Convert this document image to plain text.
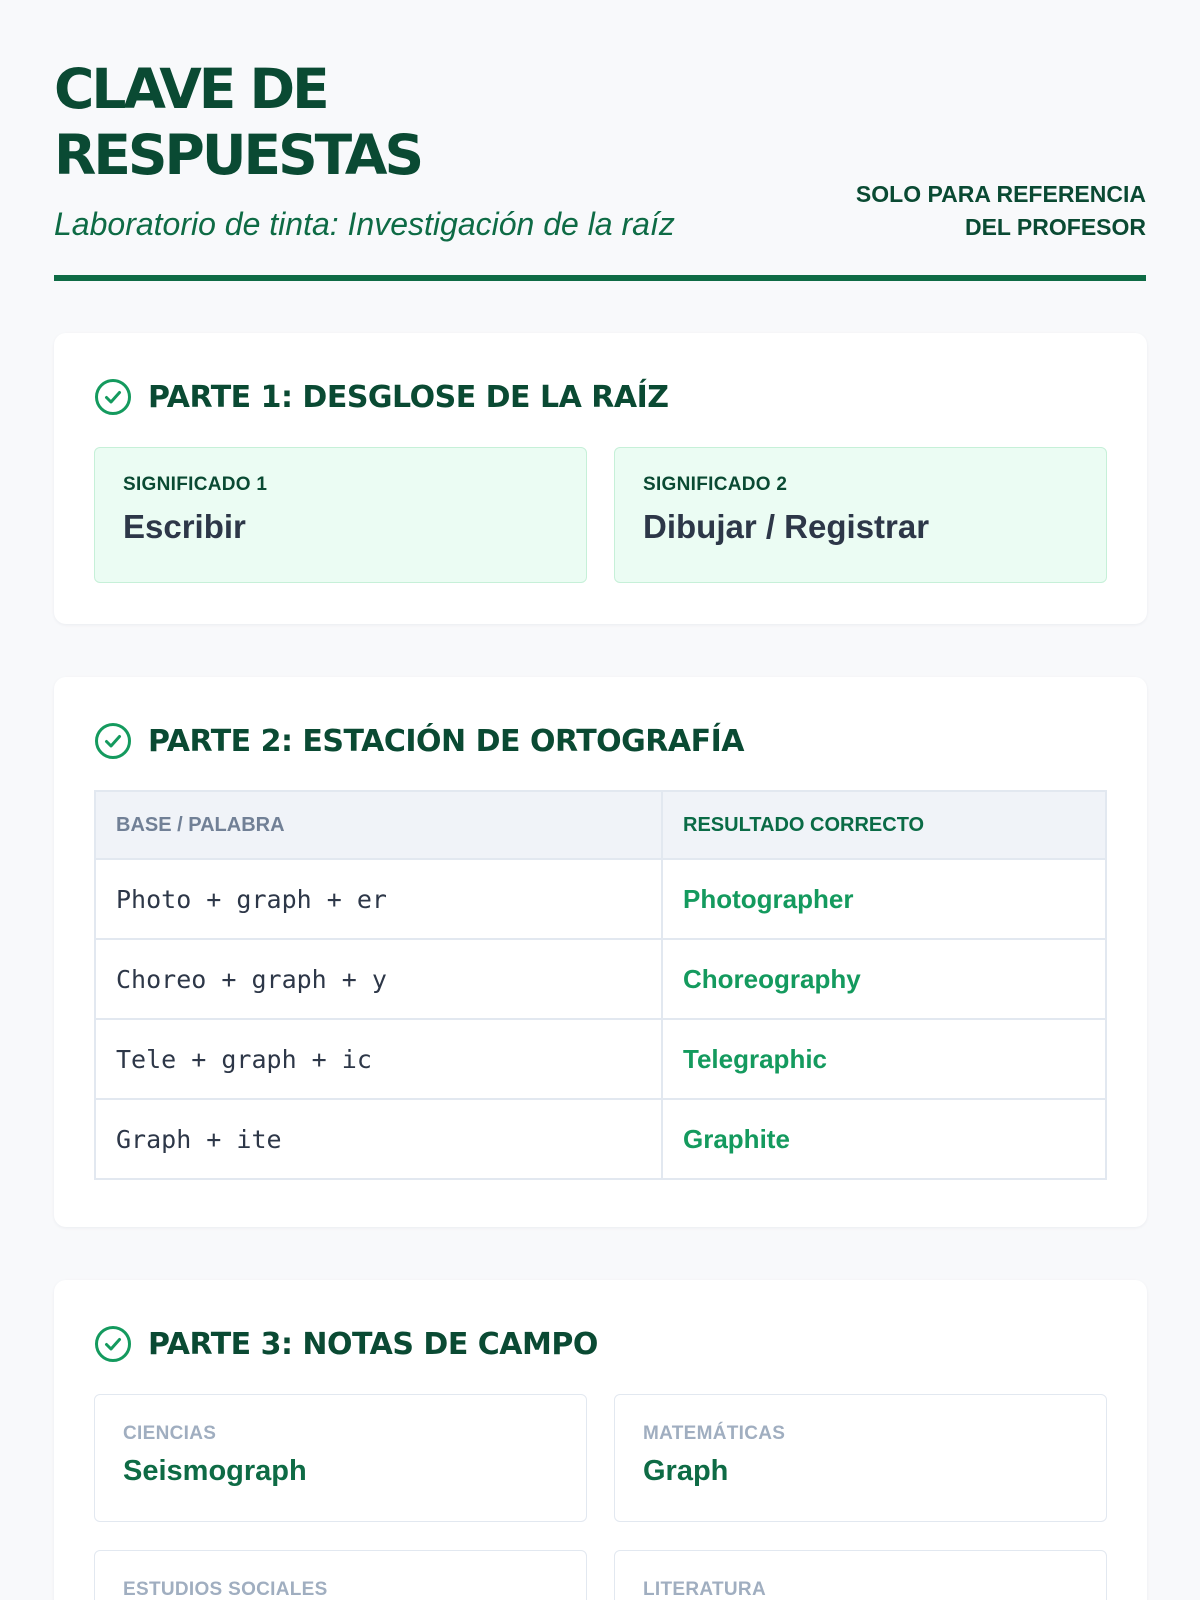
CLAVE DE RESPUESTAS

Laboratorio de tinta: Investigación de la raíz

SOLO PARA REFERENCIA DEL PROFESOR
PARTE 1: DESGLOSE DE LA RAÍZ
SIGNIFICADO 1
Escribir
SIGNIFICADO 2
Dibujar / Registrar
PARTE 2: ESTACIÓN DE ORTOGRAFÍA
BASE / PALABRA	RESULTADO CORRECTO
Photo + graph + er	Photographer
Choreo + graph + y	Choreography
Tele + graph + ic	Telegraphic
Graph + ite	Graphite
PARTE 3: NOTAS DE CAMPO
CIENCIAS
Seismograph
MATEMÁTICAS
Graph
ESTUDIOS SOCIALES	LITERATURA
